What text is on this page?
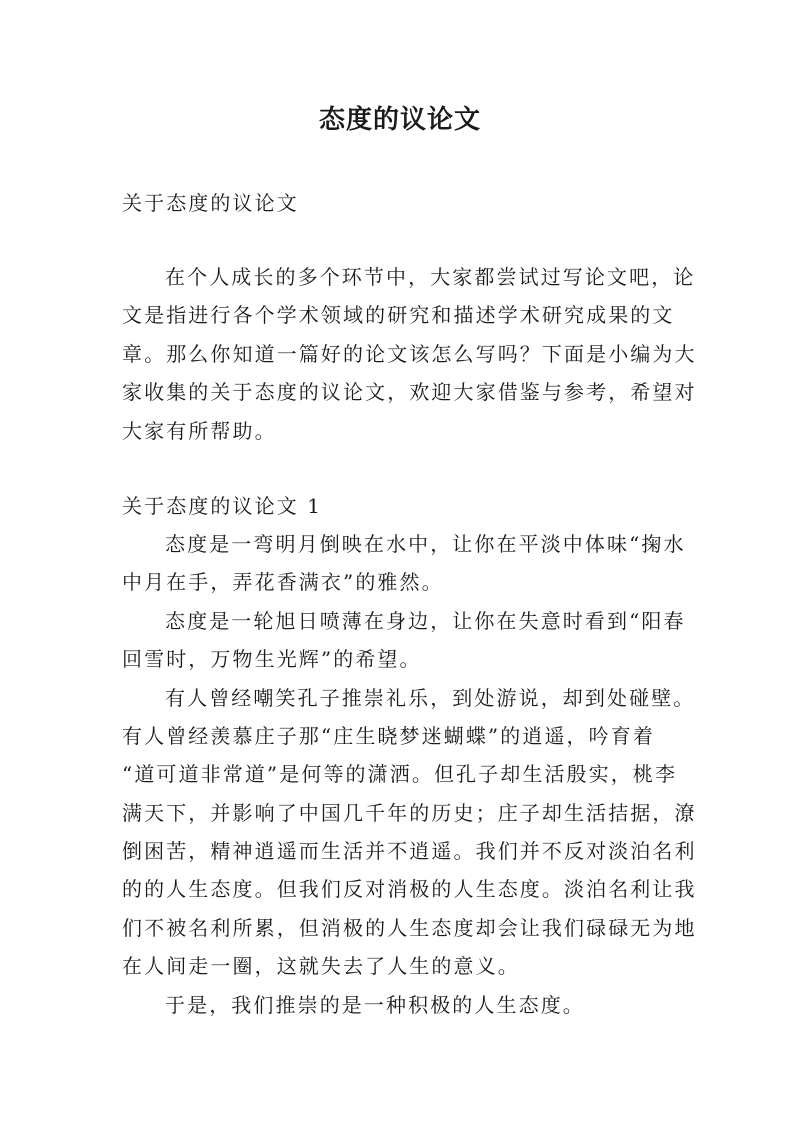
态度的议论文
关于态度的议论文
在个人成长的多个环节中，大家都尝试过写论文吧，论
文是指进行各个学术领域的研究和描述学术研究成果的文
章。那么你知道一篇好的论文该怎么写吗？下面是小编为大
家收集的关于态度的议论文，欢迎大家借鉴与参考，希望对
大家有所帮助。
关于态度的议论文 1
态度是一弯明月倒映在水中，让你在平淡中体味“掬水
中月在手，弄花香满衣”的雅然。
态度是一轮旭日喷薄在身边，让你在失意时看到“阳春
回雪时，万物生光辉”的希望。
有人曾经嘲笑孔子推崇礼乐，到处游说，却到处碰壁。
有人曾经羡慕庄子那“庄生晓梦迷蝴蝶”的逍遥，吟育着
“道可道非常道”是何等的潇洒。但孔子却生活殷实，桃李
满天下，并影响了中国几千年的历史；庄子却生活拮据，潦
倒困苦，精神逍遥而生活并不逍遥。我们并不反对淡泊名利
的的人生态度。但我们反对消极的人生态度。淡泊名利让我
们不被名利所累，但消极的人生态度却会让我们碌碌无为地
在人间走一圈，这就失去了人生的意义。
于是，我们推崇的是一种积极的人生态度。
